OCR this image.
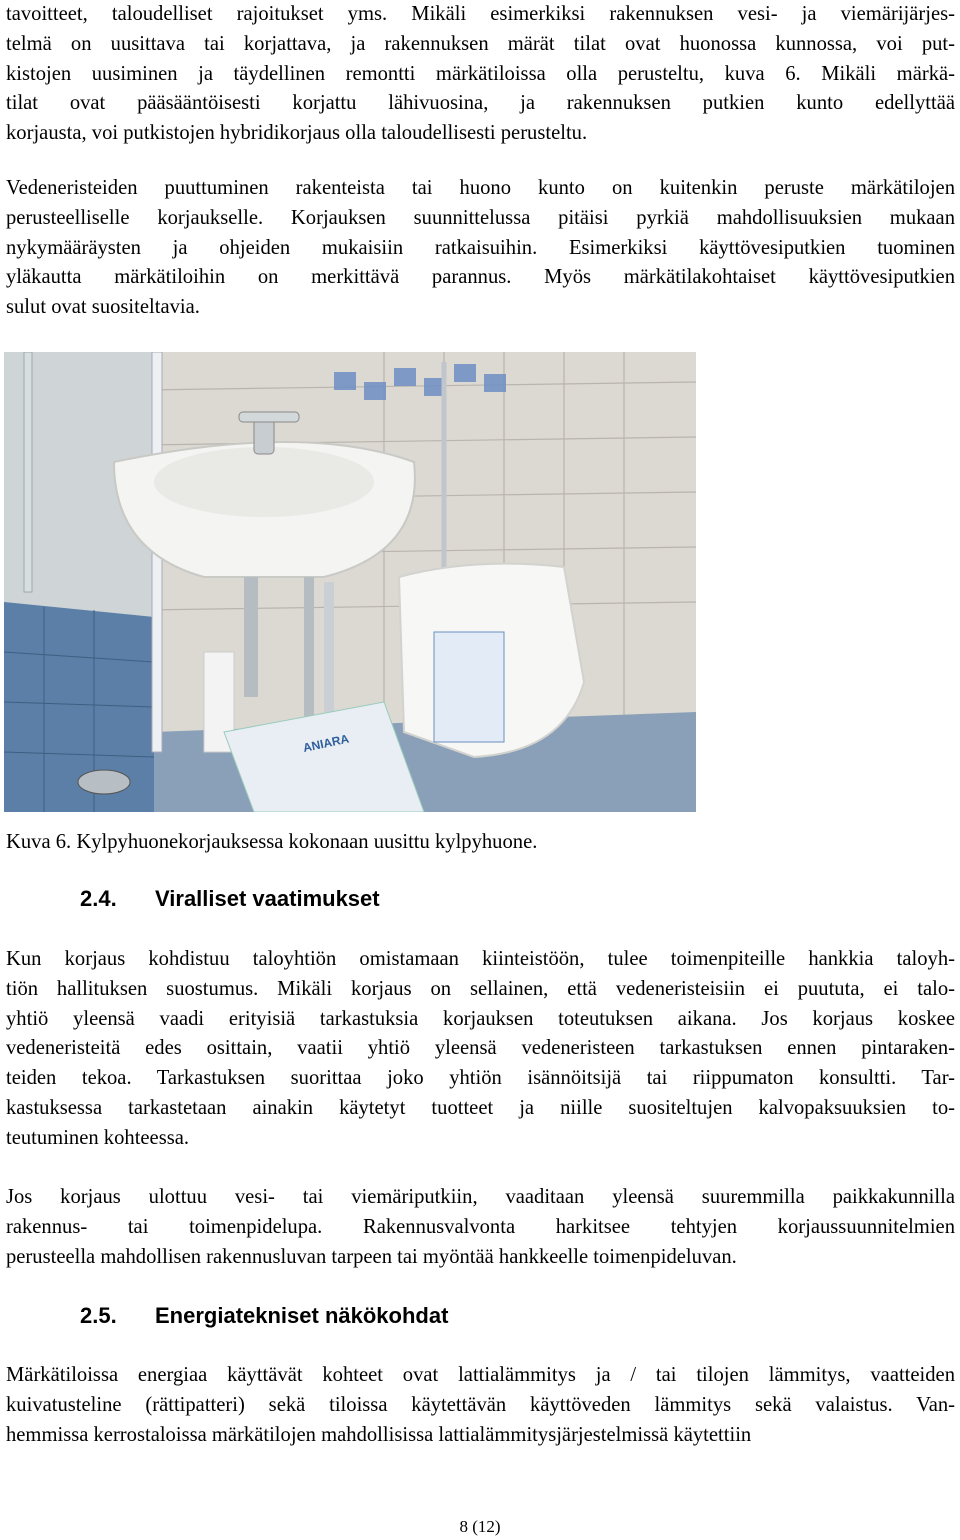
tavoitteet, taloudelliset rajoitukset yms. Mikäli esimerkiksi rakennuksen vesi- ja viemärijärjes-
telmä on uusittava tai korjattava, ja rakennuksen märät tilat ovat huonossa kunnossa, voi put-
kistojen uusiminen ja täydellinen remontti märkätiloissa olla perusteltu, kuva 6. Mikäli märkä-
tilat ovat pääsääntöisesti korjattu lähivuosina, ja rakennuksen putkien kunto edellyttää
korjausta, voi putkistojen hybridikorjaus olla taloudellisesti perusteltu.
Vedeneristeiden puuttuminen rakenteista tai huono kunto on kuitenkin peruste märkätilojen
perusteelliselle korjaukselle. Korjauksen suunnittelussa pitäisi pyrkiä mahdollisuuksien mukaan
nykymääräysten ja ohjeiden mukaisiin ratkaisuihin. Esimerkiksi käyttövesiputkien tuominen
yläkautta märkätiloihin on merkittävä parannus. Myös märkätilakohtaiset käyttövesiputkien
sulut ovat suositeltavia.
ANIARA

Kuva 6. Kylpyhuonekorjauksessa kokonaan uusittu kylpyhuone.

2.4. Viralliset vaatimukset
Kun korjaus kohdistuu taloyhtiön omistamaan kiinteistöön, tulee toimenpiteille hankkia taloyh-
tiön hallituksen suostumus. Mikäli korjaus on sellainen, että vedeneristeisiin ei puututa, ei talo-
yhtiö yleensä vaadi erityisiä tarkastuksia korjauksen toteutuksen aikana. Jos korjaus koskee
vedeneristeitä edes osittain, vaatii yhtiö yleensä vedeneristeen tarkastuksen ennen pintaraken-
teiden tekoa. Tarkastuksen suorittaa joko yhtiön isännöitsijä tai riippumaton konsultti. Tar-
kastuksessa tarkastetaan ainakin käytetyt tuotteet ja niille suositeltujen kalvopaksuuksien to-
teutuminen kohteessa.
Jos korjaus ulottuu vesi- tai viemäriputkiin, vaaditaan yleensä suuremmilla paikkakunnilla
rakennus- tai toimenpidelupa. Rakennusvalvonta harkitsee tehtyjen korjaussuunnitelmien
perusteella mahdollisen rakennusluvan tarpeen tai myöntää hankkeelle toimenpideluvan.
2.5. Energiatekniset näkökohdat
Märkätiloissa energiaa käyttävät kohteet ovat lattialämmitys ja / tai tilojen lämmitys, vaatteiden
kuivatusteline (rättipatteri) sekä tiloissa käytettävän käyttöveden lämmitys sekä valaistus. Van-
hemmissa kerrostaloissa märkätilojen mahdollisissa lattialämmitysjärjestelmissä käytettiin
8 (12)
